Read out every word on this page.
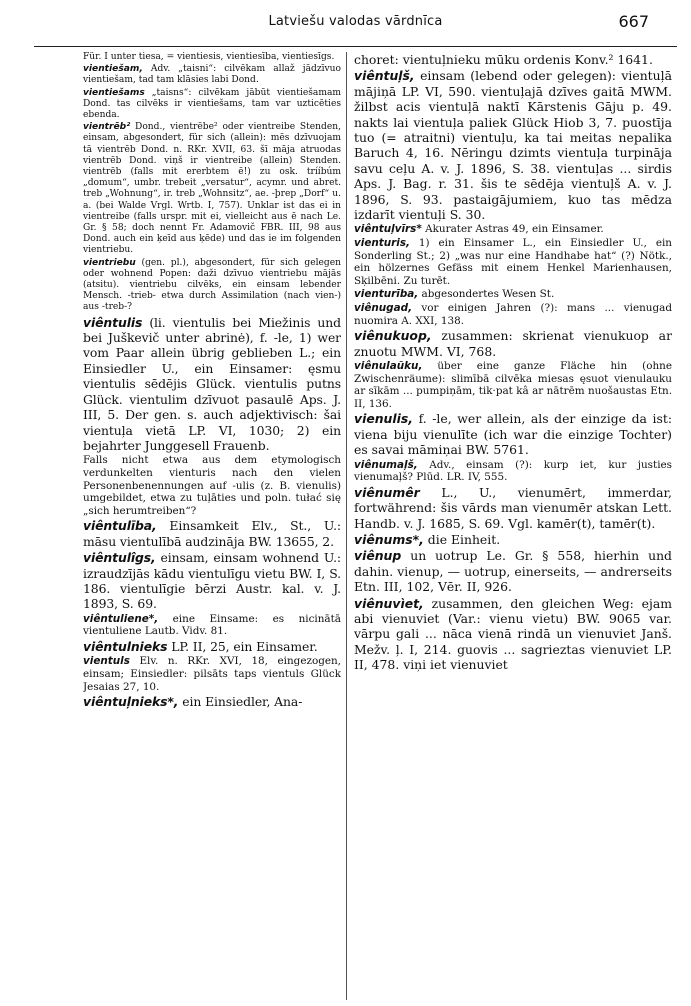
Latviešu valodas vārdnīca	667

Für. I unter tiesa, = vientiesis, vientiesība, vientiesīgs.

vientiešam, Adv. „taisni“: cilvēkam allaž jādzīvuo vientiešam, tad tam klāsies labi Dond.

vientiešams „taisns“: cilvēkam jābūt vientiešamam Dond. tas cilvēks ir vientiešams, tam var uzticēties ebenda.

vientrēb² Dond., vientrēbe² oder vientreibe Stenden, einsam, abgesondert, für sich (allein): mēs dzīvuojam tā vientrēb Dond. n. RKr. XVII, 63. šī māja atruodas vientrēb Dond. viņš ir vientreibe (allein) Stenden. vientrēb (falls mit ererbtem ē!) zu osk. trííbúm „domum“, umbr. trebeit „versatur“, acymr. und abret. treb „Wohnung“, ir. treb „Wohnsitz“, ae. -þrep „Dorf“ u. a. (bei Walde Vrgl. Wrtb. I, 757). Unklar ist das ei in vientreibe (falls urspr. mit ei, vielleicht aus ē nach Le. Gr. § 58; doch nennt Fr. Adamovič FBR. III, 98 aus Dond. auch ein ķeīd aus ķēde) und das ie im folgenden vientriebu.

vientriebu (gen. pl.), abgesondert, für sich gelegen oder wohnend Popen: daži dzīvuo vientriebu mājās (atsitu). vientriebu cilvēks, ein einsam lebender Mensch. -trieb- etwa durch Assimilation (nach vien-) aus -treb-?

viêntulis (li. vientulis bei Miežinis und bei Juškevič unter abrinė), f. -le, 1) wer vom Paar allein übrig geblieben L.; ein Einsiedler U., ein Einsamer: ęsmu vientulis sēdējis Glück. vientulis putns Glück. vientulim dzīvuot pasaulē Aps. J. III, 5. Der gen. s. auch adjektivisch: šai vientuļa vietā LP. VI, 1030; 2) ein bejahrter Junggesell Frauenb.

Falls nicht etwa aus dem etymologisch verdunkelten vienturis nach den vielen Personenbenennungen auf -ulis (z. B. vienulis) umgebildet, etwa zu tuļāties und poln. tułać się „sich herumtreiben“?

viêntulība, Einsamkeit Elv., St., U.: māsu vientulībā audzināja BW. 13655, 2.

viêntulîgs, einsam, einsam wohnend U.: izraudzījās kādu vientulīgu vietu BW. I, S. 186. vientulīgie bērzi Austr. kal. v. J. 1893, S. 69.

viêntuliene*, eine Einsame: es nicinātā vientuliene Lautb. Vidv. 81.

viêntulnieks LP. II, 25, ein Einsamer.

vientuls Elv. n. RKr. XVI, 18, eingezogen, einsam; Einsiedler: pilsāts taps vientuls Glück Jesaias 27, 10.

viêntuļnieks*, ein Einsiedler, Ana-

choret: vientuļnieku mūku ordenis Konv.² 1641.

viêntuļš, einsam (lebend oder gelegen): vientuļā mājiņā LP. VI, 590. vientuļajā dzīves gaitā MWM. žilbst acis vientuļā naktī Kārstenis Gāju p. 49. nakts lai vientuļa paliek Glück Hiob 3, 7. puostīja tuo (= atraitni) vientuļu, ka tai meitas nepalika Baruch 4, 16. Nēringu dzimts vientuļa turpināja savu ceļu A. v. J. 1896, S. 38. vientuļas ... sirdis Aps. J. Bag. r. 31. šis te sēdēja vientuļš A. v. J. 1896, S. 93. pastaigājumiem, kuo tas mēdza izdarīt vientuļi S. 30.

viêntuļvīrs* Akurater Astras 49, ein Einsamer.

vienturis, 1) ein Einsamer L., ein Einsiedler U., ein Sonderling St.; 2) „was nur eine Handhabe hat“ (?) Nötk., ein hölzernes Gefäss mit einem Henkel Marienhausen, Sķilbēni. Zu turēt.

vienturība, abgesondertes Wesen St.

viênugad, vor einigen Jahren (?): mans ... vienugad nuomira A. XXI, 138.

viênukuop, zusammen: skrienat vienukuop ar znuotu MWM. VI, 768.

viênulaũku, über eine ganze Fläche hin (ohne Zwischenräume): slimībā cilvēka miesas ęsuot vienulauku ar sīkām ... pumpiņām, tik·pat kâ ar nātrēm nuošaustas Etn. II, 136.

vienulis, f. -le, wer allein, als der einzige da ist: viena biju vienulīte (ich war die einzige Tochter) es savai māmiņai BW. 5761.

viênumaļš, Adv., einsam (?): kurp iet, kur justies vienumaļš? Plūd. LR. IV, 555.

viênumêr L., U., vienumērt, immerdar, fortwährend: šis vārds man vienumēr atskan Lett. Handb. v. J. 1685, S. 69. Vgl. kamēr(t), tamēr(t).

viênums*, die Einheit.

viênup un uotrup Le. Gr. § 558, hierhin und dahin. vienup, — uotrup, einerseits, — andrerseits Etn. III, 102, Vēr. II, 926.

viênuvìet, zusammen, den gleichen Weg: ejam abi vienuviet (Var.: vienu vietu) BW. 9065 var. vārpu gali ... nāca vienā rindā un vienuviet Janš. Mežv. ļ. I, 214. guovis ... sagrieztas vienuviet LP. II, 478. viņi iet vienuviet
